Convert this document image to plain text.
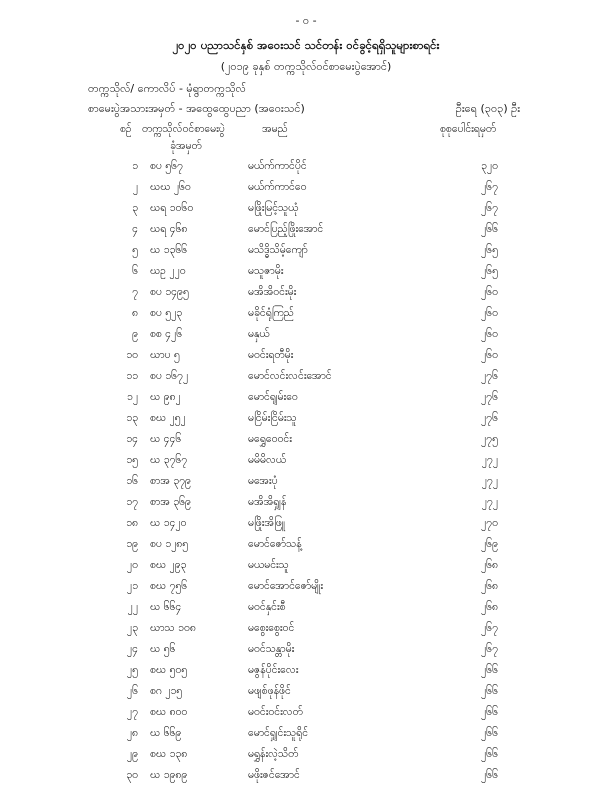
- ၀ -
၂၀၂၀ ပညာသင်နှစ် အဝေးသင် သင်တန်း ဝင်ခွင့်ရရှိသူများစာရင်း
(၂၀၁၉ ခုနှစ် တက္ကသိုလ်ဝင်စာမေးပွဲအောင်)
တက္ကသိုလ်/ ကောလိပ် - မုံရွာတက္ကသိုလ်
စာမေးပွဲအသားအမှတ် - အထွေထွေပညာ (အဝေးသင်)	ဦးရေ (၃၀၃) ဦး
စဉ် တက္ကသိုလ်ဝင်စာမေးပွဲ	အမည်	စုစုပေါင်းရမှတ်
ခုံအမှတ်
၁ စပ ၅၆၇	မယ်က်ကာင်ပိုင်	၃၂၀
၂ ဃဃ ၂၆၀	မယ်က်ကာင်ဝေ	၂၆၇
၃ ဃရ ၁၀၆၀	မဖြိုးမြင့်သူယုံ	၂၆၇
၄ ဃရ ၄၆၈	မောင်ပြည့်ဖြိုးအောင်	၂၆၆
၅ ဃ ၁၃၆၆	မသိဒ္ဓိသိမ့်ကျော်	၂၆၅
၆ ဃဥ ၂၂၀	မသူဇာမိုး	၂၆၅
၇ စပ ၁၄၉၅	မအိအိဝင်းမိုး	၂၆၀
၈ စပ ၅၂၃	မခိုင်ရုံကြည်	၂၆၀
၉ စစ ၄၂၆	မနှယ်	၂၆၀
၁၀ ဃာပ ၅	မဝင်းရတီမိုး	၂၆၀
၁၁ စပ ၁၆၇၂	မောင်လင်းလင်းအောင်	၂၇၆
၁၂ ဃ ၉၈၂	မောင်ရျမ်းဝေ	၂၇၆
၁၃ စဃ ၂၅၂	မငြိမ်းငြိမ်းသူ	၂၇၆
၁၄ ဃ ၄၄၆	မရွှေဝေဝင်း	၂၇၅
၁၅ ဃ ၃၇၆၇	မမိမိလယ်	၂၇၂
၁၆ စာအ ၃၇၉	မအေးပုံ	၂၇၂
၁၇ စာအ ၃၆၉	မအိအိရျှန်	၂၇၂
၁၈ ဃ ၁၄၂၀	မဖြိုးအိဖြူ	၂၇၀
၁၉ စပ ၁၂၈၅	မောင်ဇော်သန့်	၂၆၉
၂၀ စဃ ၂၉၃	မယမင်းသူ	၂၆၈
၂၁ စဃ ၇၅၆	မောင်အောင်ဇော်မျိုး	၂၆၈
၂၂ ဃ ၆၆၄	မဝင်နှင်းစီ	၂၆၈
၂၃ ဃာသ ၁၀၈	မစွေးစွေးဝင်	၂၆၇
၂၄ ဃ ၅၆	မဝင်သန္တာမိုး	၂၆၇
၂၅ စဃ ၅၀၅	မဇွန်ပိုင်းလေး	၂၆၆
၂၆ စဂ ၂၁၅	မဖျစ်ဖုန်ဖိုင်	၂၆၆
၂၇ စဃ ၈၀၀	မဝင်းဝင်းလတ်	၂၆၆
၂၈ ဃ ၆၆၉	မောင်ရျှင်းသူရိုင်	၂၆၆
၂၉ စဃ ၁၃၈	မရွှန်းလဲ့သိတ်	၂၆၆
၃၀ ဃ ၁၉၈၉	မဖိုးဇင်အောင်	၂၆၆
